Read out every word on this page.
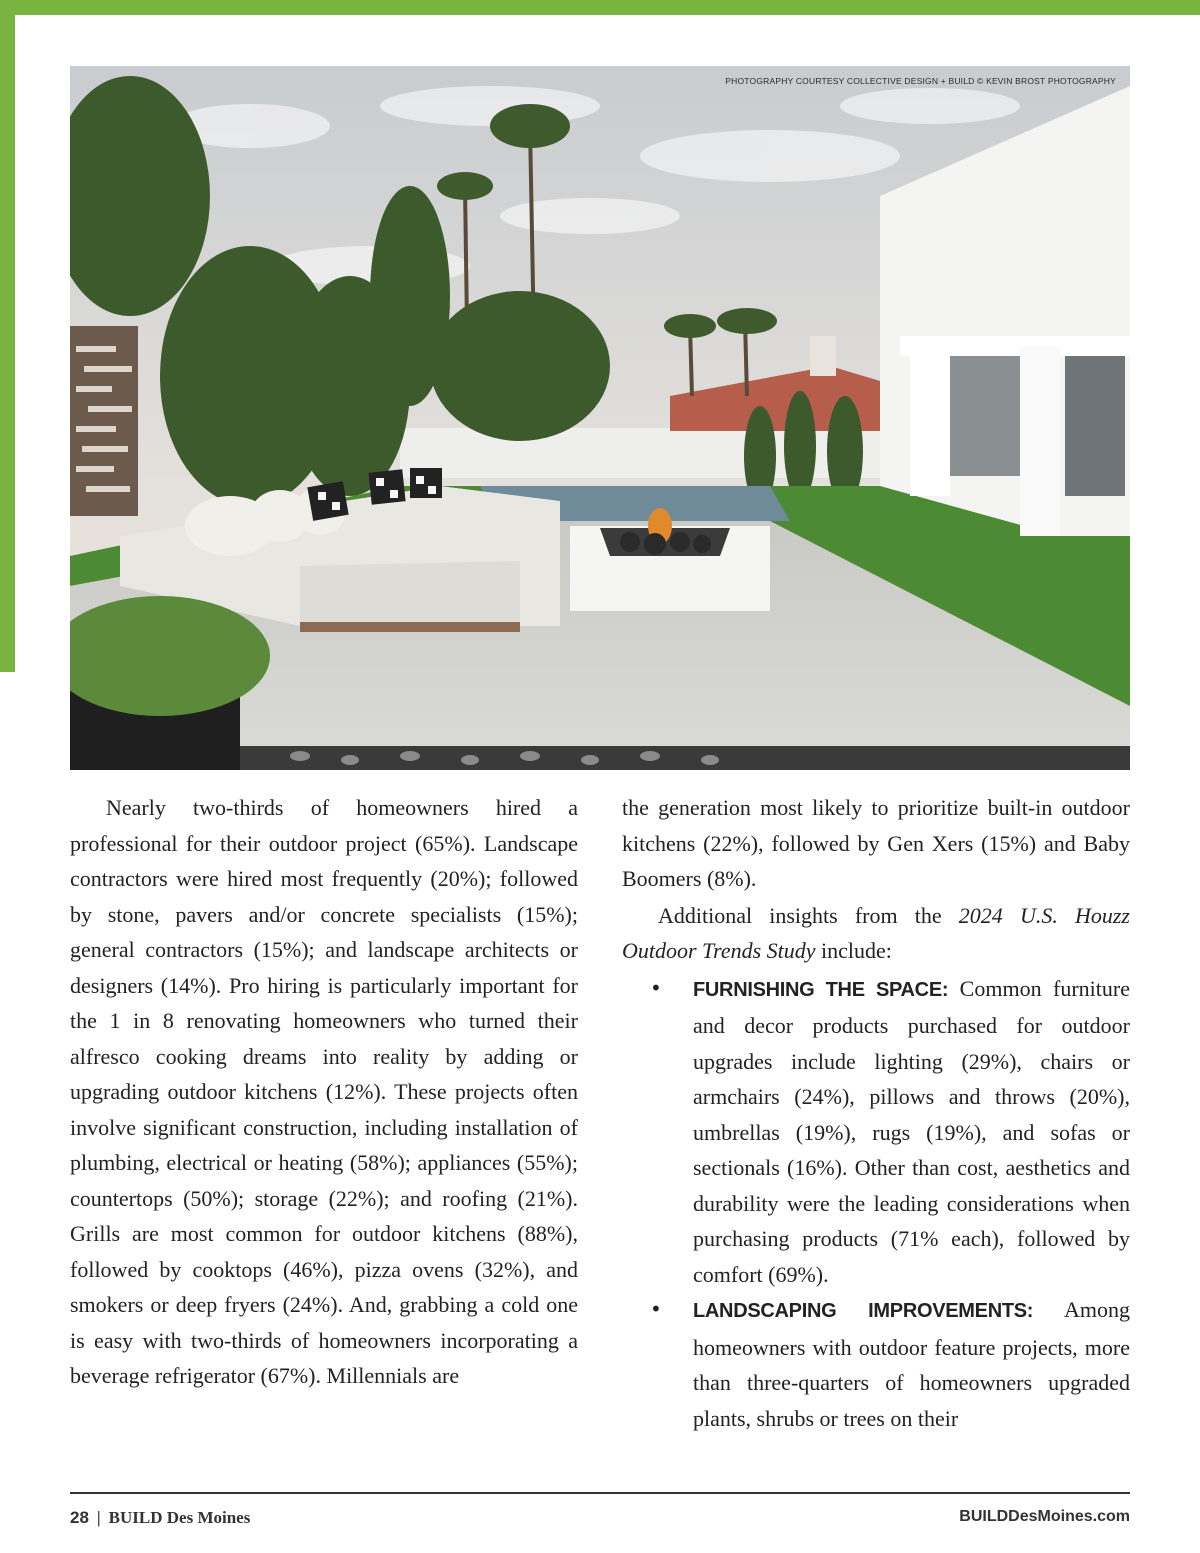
PHOTOGRAPHY COURTESY COLLECTIVE DESIGN + BUILD © KEVIN BROST PHOTOGRAPHY

Nearly two-thirds of homeowners hired a professional for their outdoor project (65%). Landscape contractors were hired most frequently (20%); followed by stone, pavers and/or concrete specialists (15%); general contractors (15%); and landscape architects or designers (14%). Pro hiring is particularly important for the 1 in 8 renovating homeowners who turned their alfresco cooking dreams into reality by adding or upgrading outdoor kitchens (12%). These projects often involve significant construction, including installation of plumbing, electrical or heating (58%); appliances (55%); countertops (50%); storage (22%); and roofing (21%). Grills are most common for outdoor kitchens (88%), followed by cooktops (46%), pizza ovens (32%), and smokers or deep fryers (24%). And, grabbing a cold one is easy with two-thirds of homeowners incorporating a beverage refrigerator (67%). Millennials are

the generation most likely to prioritize built-in outdoor kitchens (22%), followed by Gen Xers (15%) and Baby Boomers (8%).

Additional insights from the 2024 U.S. Houzz Outdoor Trends Study include:

• FURNISHING THE SPACE: Common furniture and decor products purchased for outdoor upgrades include lighting (29%), chairs or armchairs (24%), pillows and throws (20%), umbrellas (19%), rugs (19%), and sofas or sectionals (16%). Other than cost, aesthetics and durability were the leading considerations when purchasing products (71% each), followed by comfort (69%).
• LANDSCAPING IMPROVEMENTS: Among homeowners with outdoor feature projects, more than three-quarters of homeowners upgraded plants, shrubs or trees on their
28 | BUILD Des Moines	BUILDDesMoines.com
